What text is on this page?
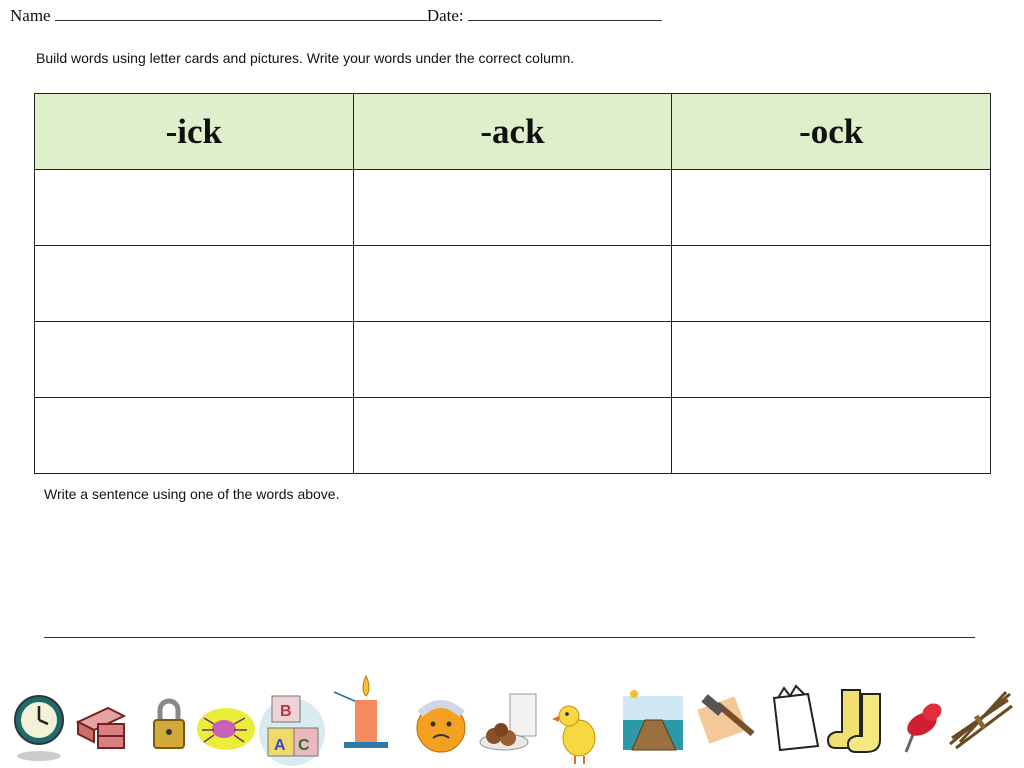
Name	Date:
Build words using letter cards and pictures. Write your words under the correct column.
-ick	-ack	-ock

Write a sentence using one of the words above.
B
A C
